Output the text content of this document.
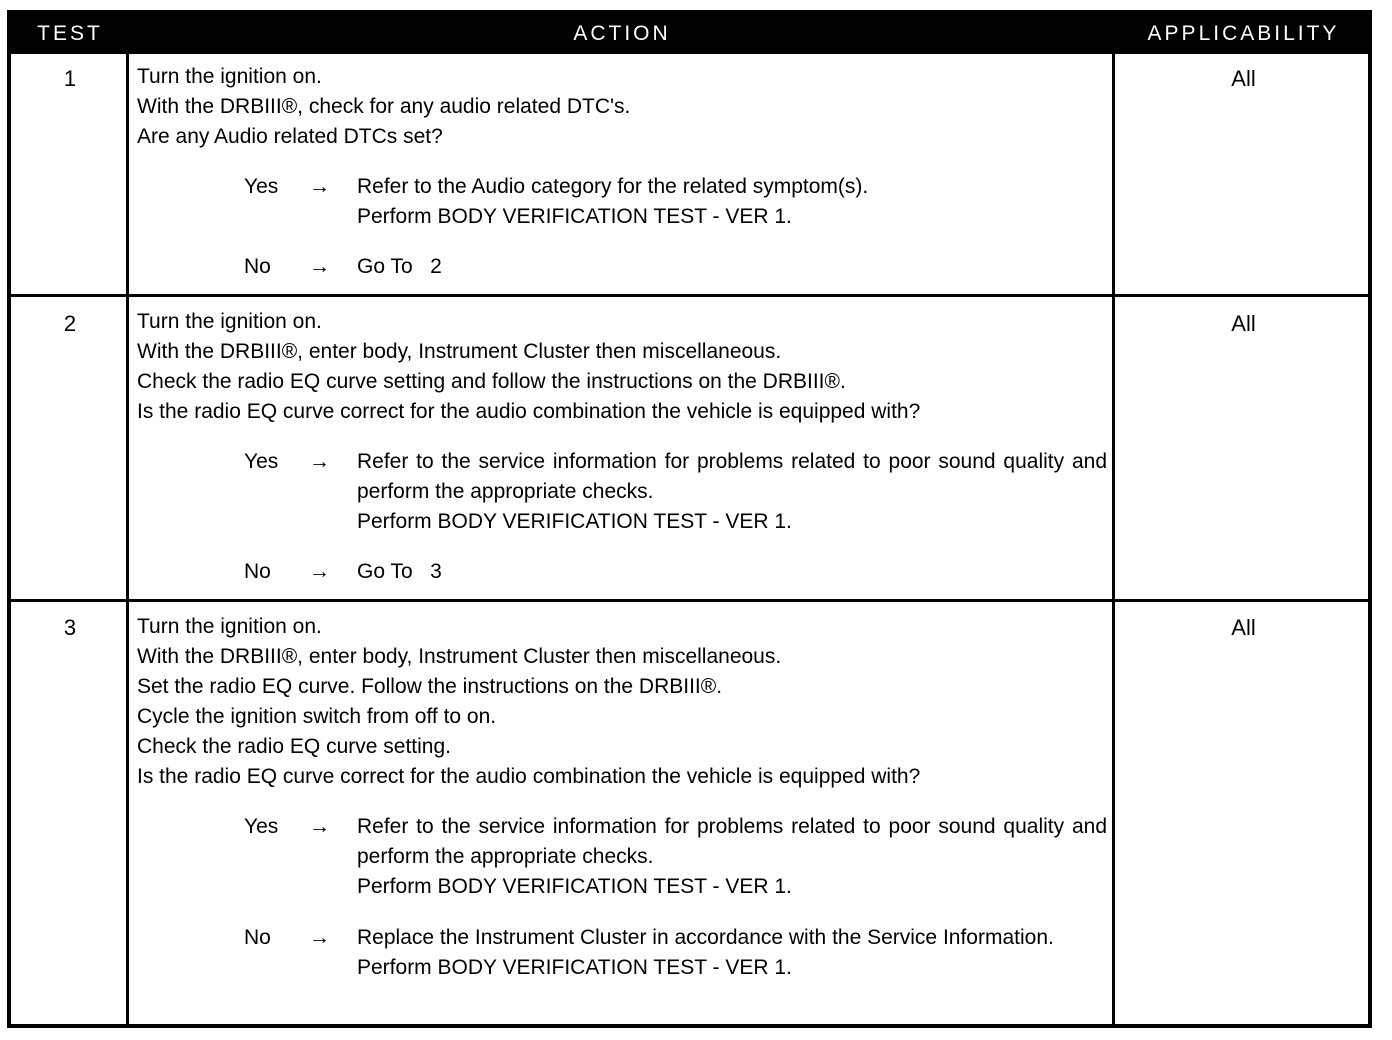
TEST	ACTION	APPLICABILITY
1	All
Turn the ignition on.
With the DRBIII®, check for any audio related DTC's.
Are any Audio related DTCs set?
Yes	→	Refer to the Audio category for the related symptom(s).

Perform BODY VERIFICATION TEST - VER 1.

No	→	Go To   2
2	All
Turn the ignition on.
With the DRBIII®, enter body, Instrument Cluster then miscellaneous.
Check the radio EQ curve setting and follow the instructions on the DRBIII®.
Is the radio EQ curve correct for the audio combination the vehicle is equipped with?
Yes	→	Refer to the service information for problems related to poor sound quality and perform the appropriate checks.

Perform BODY VERIFICATION TEST - VER 1.

No	→	Go To   3
3	All
Turn the ignition on.
With the DRBIII®, enter body, Instrument Cluster then miscellaneous.
Set the radio EQ curve. Follow the instructions on the DRBIII®.
Cycle the ignition switch from off to on.
Check the radio EQ curve setting.
Is the radio EQ curve correct for the audio combination the vehicle is equipped with?
Yes	→	Refer to the service information for problems related to poor sound quality and perform the appropriate checks.

Perform BODY VERIFICATION TEST - VER 1.

No	→	Replace the Instrument Cluster in accordance with the Service Information.

Perform BODY VERIFICATION TEST - VER 1.
